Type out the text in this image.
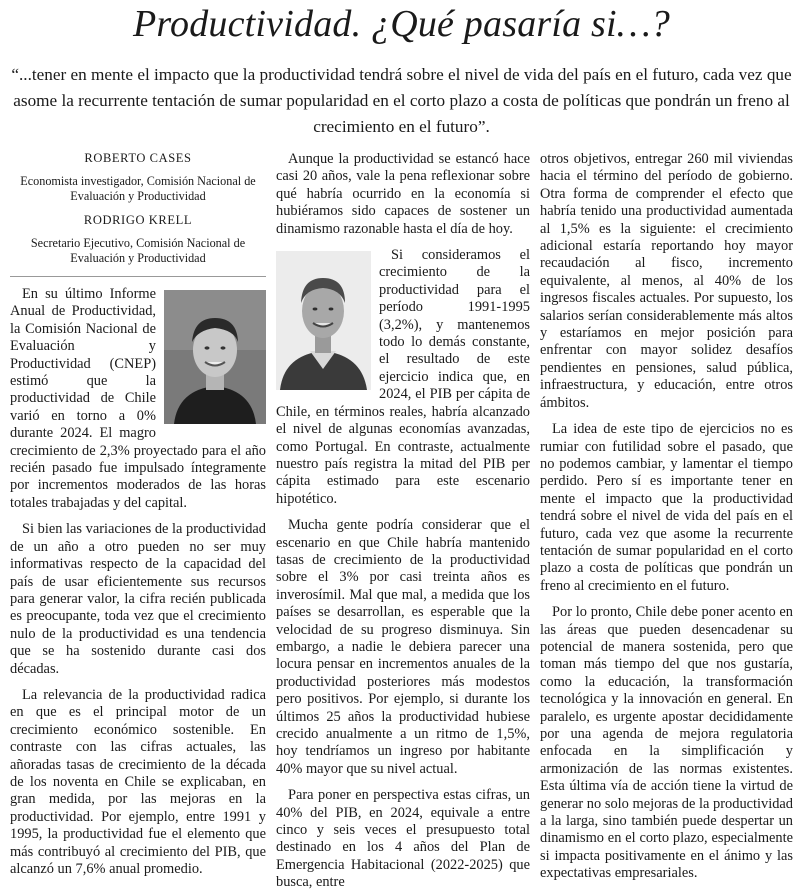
Productividad. ¿Qué pasaría si…?
“...tener en mente el impacto que la productividad tendrá sobre el nivel de vida del país en el futuro, cada vez que asome la recurrente tentación de sumar popularidad en el corto plazo a costa de políticas que pondrán un freno al crecimiento en el futuro”.
ROBERTO CASES
Economista investigador, Comisión Nacional de Evaluación y Productividad
RODRIGO KRELL
Secretario Ejecutivo, Comisión Nacional de Evaluación y Productividad

En su último Informe Anual de Productividad, la Comisión Nacional de Evaluación y Productividad (CNEP) estimó que la productividad de Chile varió en torno a 0% durante 2024. El magro crecimiento de 2,3% proyectado para el año recién pasado fue impulsado íntegramente por incrementos moderados de las horas totales trabajadas y del capital.

Si bien las variaciones de la productividad de un año a otro pueden no ser muy informativas respecto de la capacidad del país de usar eficientemente sus recursos para generar valor, la cifra recién publicada es preocupante, toda vez que el crecimiento nulo de la productividad es una tendencia que se ha sostenido durante casi dos décadas.

La relevancia de la productividad radica en que es el principal motor de un crecimiento económico sostenible. En contraste con las cifras actuales, las añoradas tasas de crecimiento de la década de los noventa en Chile se explicaban, en gran medida, por las mejoras en la productividad. Por ejemplo, entre 1991 y 1995, la productividad fue el elemento que más contribuyó al crecimiento del PIB, que alcanzó un 7,6% anual promedio.

Aunque la productividad se estancó hace casi 20 años, vale la pena reflexionar sobre qué habría ocurrido en la economía si hubiéramos sido capaces de sostener un dinamismo razonable hasta el día de hoy.

Si consideramos el crecimiento de la productividad para el período 1991-1995 (3,2%), y mantenemos todo lo demás constante, el resultado de este ejercicio indica que, en 2024, el PIB per cápita de Chile, en términos reales, habría alcanzado el nivel de algunas economías avanzadas, como Portugal. En contraste, actualmente nuestro país registra la mitad del PIB per cápita estimado para este escenario hipotético.

Mucha gente podría considerar que el escenario en que Chile habría mantenido tasas de crecimiento de la productividad sobre el 3% por casi treinta años es inverosímil. Mal que mal, a medida que los países se desarrollan, es esperable que la velocidad de su progreso disminuya. Sin embargo, a nadie le debiera parecer una locura pensar en incrementos anuales de la productividad posteriores más modestos pero positivos. Por ejemplo, si durante los últimos 25 años la productividad hubiese crecido anualmente a un ritmo de 1,5%, hoy tendríamos un ingreso por habitante 40% mayor que su nivel actual.

Para poner en perspectiva estas cifras, un 40% del PIB, en 2024, equivale a entre cinco y seis veces el presupuesto total destinado en los 4 años del Plan de Emergencia Habitacional (2022-2025) que busca, entre

otros objetivos, entregar 260 mil viviendas hacia el término del período de gobierno. Otra forma de comprender el efecto que habría tenido una productividad aumentada al 1,5% es la siguiente: el crecimiento adicional estaría reportando hoy mayor recaudación al fisco, incremento equivalente, al menos, al 40% de los ingresos fiscales actuales. Por supuesto, los salarios serían considerablemente más altos y estaríamos en mejor posición para enfrentar con mayor solidez desafíos pendientes en pensiones, salud pública, infraestructura, y educación, entre otros ámbitos.

La idea de este tipo de ejercicios no es rumiar con futilidad sobre el pasado, que no podemos cambiar, y lamentar el tiempo perdido. Pero sí es importante tener en mente el impacto que la productividad tendrá sobre el nivel de vida del país en el futuro, cada vez que asome la recurrente tentación de sumar popularidad en el corto plazo a costa de políticas que pondrán un freno al crecimiento en el futuro.

Por lo pronto, Chile debe poner acento en las áreas que pueden desencadenar su potencial de manera sostenida, pero que toman más tiempo del que nos gustaría, como la educación, la transformación tecnológica y la innovación en general. En paralelo, es urgente apostar decididamente por una agenda de mejora regulatoria enfocada en la simplificación y armonización de las normas existentes. Esta última vía de acción tiene la virtud de generar no solo mejoras de la productividad a la larga, sino también puede despertar un dinamismo en el corto plazo, especialmente si impacta positivamente en el ánimo y las expectativas empresariales.
